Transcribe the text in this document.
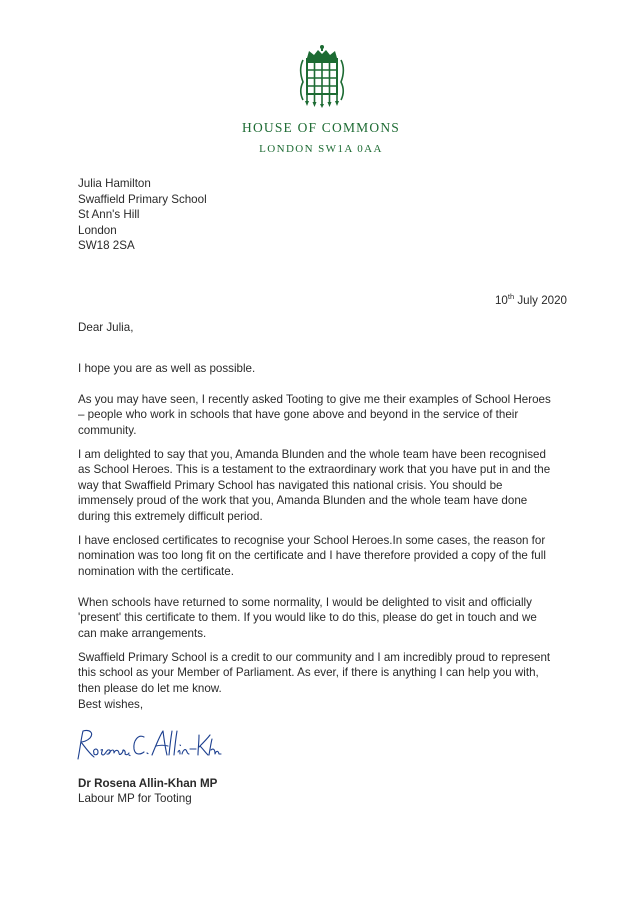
HOUSE OF COMMONS
LONDON SW1A 0AA
Julia Hamilton
Swaffield Primary School
St Ann's Hill
London
SW18 2SA
10th July 2020
Dear Julia,

I hope you are as well as possible.

As you may have seen, I recently asked Tooting to give me their examples of School Heroes – people who work in schools that have gone above and beyond in the service of their community.

I am delighted to say that you, Amanda Blunden and the whole team have been recognised as School Heroes. This is a testament to the extraordinary work that you have put in and the way that Swaffield Primary School has navigated this national crisis. You should be immensely proud of the work that you, Amanda Blunden and the whole team have done during this extremely difficult period.

I have enclosed certificates to recognise your School Heroes.In some cases, the reason for nomination was too long fit on the certificate and I have therefore provided a copy of the full nomination with the certificate.

When schools have returned to some normality, I would be delighted to visit and officially 'present' this certificate to them. If you would like to do this, please do get in touch and we can make arrangements.

Swaffield Primary School is a credit to our community and I am incredibly proud to represent this school as your Member of Parliament. As ever, if there is anything I can help you with, then please do let me know.

Best wishes,
Dr Rosena Allin-Khan MP
Labour MP for Tooting
